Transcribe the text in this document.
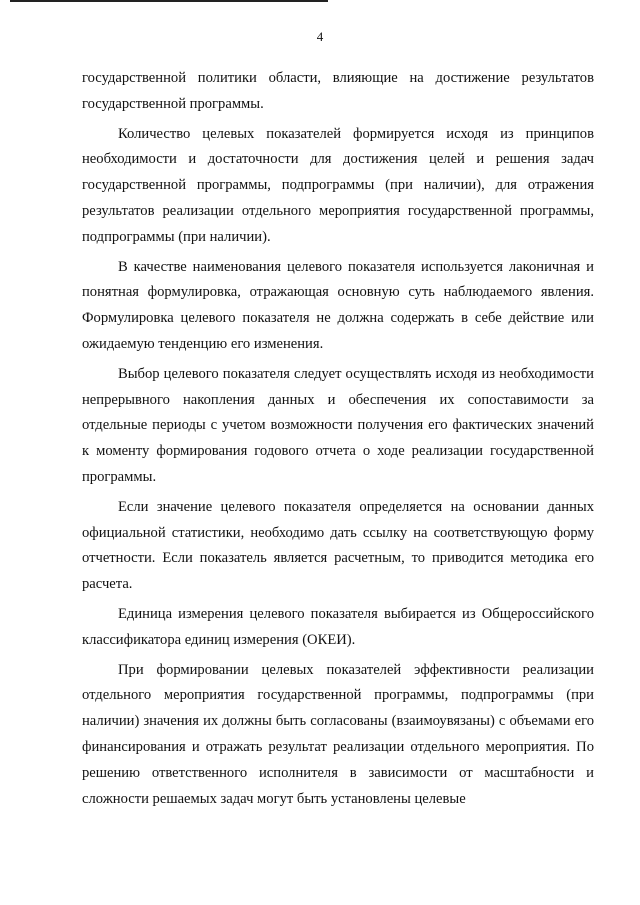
4

государственной политики области, влияющие на достижение результатов государственной программы.

Количество целевых показателей формируется исходя из принципов необходимости и достаточности для достижения целей и решения задач государственной программы, подпрограммы (при наличии), для отражения результатов реализации отдельного мероприятия государственной программы, подпрограммы (при наличии).

В качестве наименования целевого показателя используется лаконичная и понятная формулировка, отражающая основную суть наблюдаемого явления. Формулировка целевого показателя не должна содержать в себе действие или ожидаемую тенденцию его изменения.

Выбор целевого показателя следует осуществлять исходя из необходимости непрерывного накопления данных и обеспечения их сопоставимости за отдельные периоды с учетом возможности получения его фактических значений к моменту формирования годового отчета о ходе реализации государственной программы.

Если значение целевого показателя определяется на основании данных официальной статистики, необходимо дать ссылку на соответствующую форму отчетности. Если показатель является расчетным, то приводится методика его расчета.

Единица измерения целевого показателя выбирается из Общероссийского классификатора единиц измерения (ОКЕИ).

При формировании целевых показателей эффективности реализации отдельного мероприятия государственной программы, подпрограммы (при наличии) значения их должны быть согласованы (взаимоувязаны) с объемами его финансирования и отражать результат реализации отдельного мероприятия. По решению ответственного исполнителя в зависимости от масштабности и сложности решаемых задач могут быть установлены целевые
